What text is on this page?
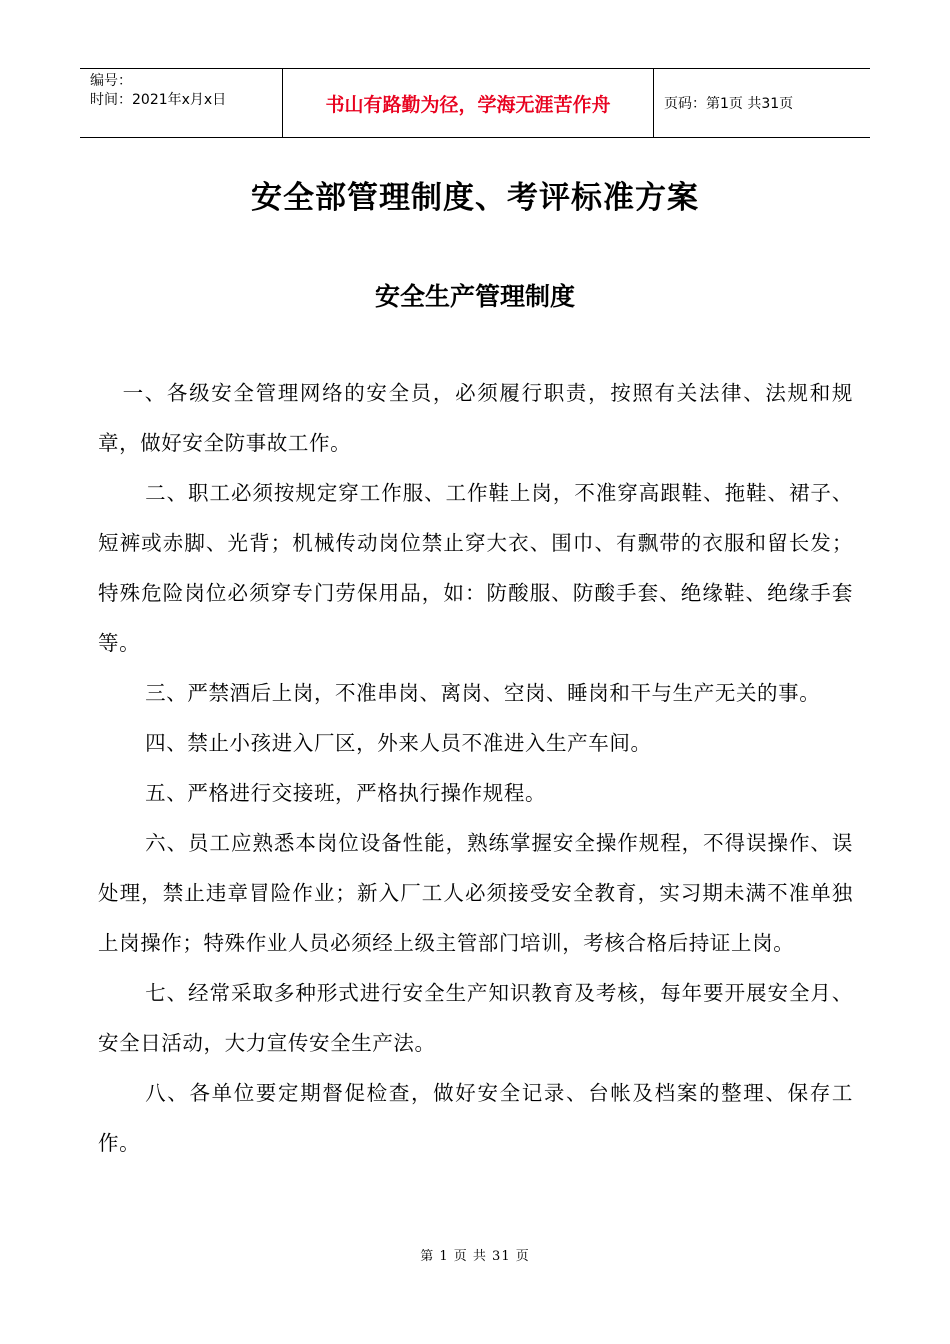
编号：
时间：2021年x月x日	书山有路勤为径，学海无涯苦作舟	页码：第1页 共31页
安全部管理制度、考评标准方案
安全生产管理制度

一、各级安全管理网络的安全员，必须履行职责，按照有关法律、法规和规章，做好安全防事故工作。

二、职工必须按规定穿工作服、工作鞋上岗，不准穿高跟鞋、拖鞋、裙子、短裤或赤脚、光背；机械传动岗位禁止穿大衣、围巾、有飘带的衣服和留长发；特殊危险岗位必须穿专门劳保用品，如：防酸服、防酸手套、绝缘鞋、绝缘手套等。

三、严禁酒后上岗，不准串岗、离岗、空岗、睡岗和干与生产无关的事。

四、禁止小孩进入厂区，外来人员不准进入生产车间。

五、严格进行交接班，严格执行操作规程。

六、员工应熟悉本岗位设备性能，熟练掌握安全操作规程，不得误操作、误处理，禁止违章冒险作业；新入厂工人必须接受安全教育，实习期未满不准单独上岗操作；特殊作业人员必须经上级主管部门培训，考核合格后持证上岗。

七、经常采取多种形式进行安全生产知识教育及考核，每年要开展安全月、安全日活动，大力宣传安全生产法。

八、各单位要定期督促检查，做好安全记录、台帐及档案的整理、保存工作。

第 1 页 共 31 页
